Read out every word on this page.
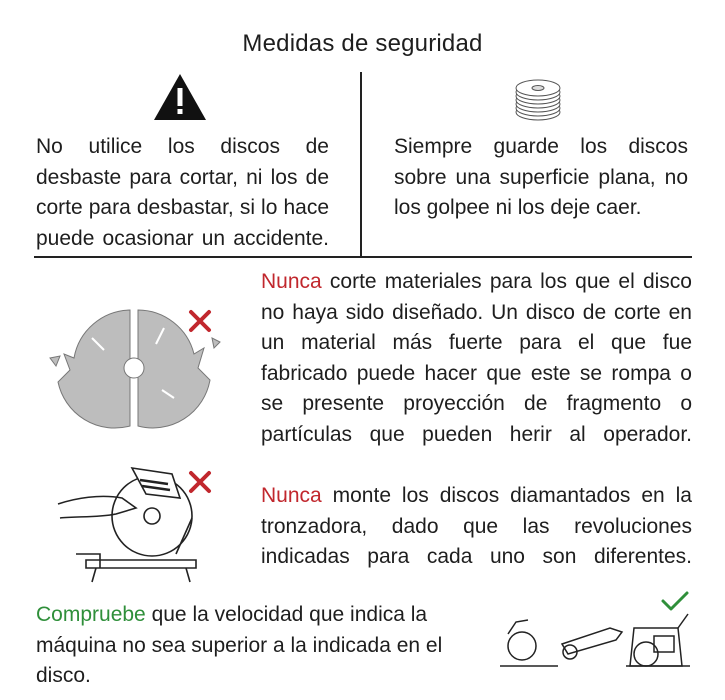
Medidas de seguridad
No utilice los discos de desbaste para cortar, ni los de corte para desbastar, si lo hace puede ocasionar un accidente.
Siempre guarde los discos sobre una superficie plana, no los golpee ni los deje caer.
Nunca corte materiales para los que el disco no haya sido diseñado. Un disco de corte en un material más fuerte para el que fue fabricado puede hacer que este se rompa o se presente proyección de fragmento o partículas que pueden herir al operador.
Nunca monte los discos diamantados en la tronzadora, dado que las revoluciones indicadas para cada uno son diferentes.
Compruebe que la velocidad que indica la máquina no sea superior a la indicada en el disco.
